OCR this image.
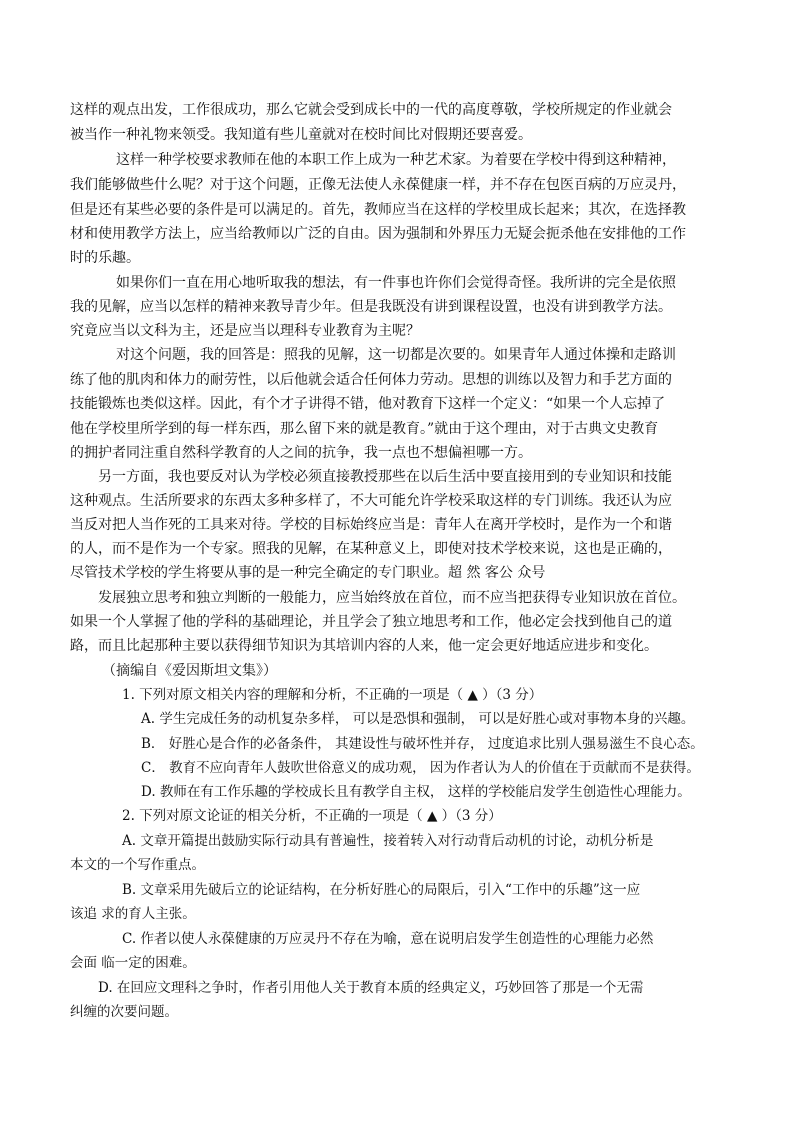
这样的观点出发，工作很成功，那么它就会受到成长中的一代的高度尊敬，学校所规定的作业就会
被当作一种礼物来领受。我知道有些儿童就对在校时间比对假期还要喜爱。
这样一种学校要求教师在他的本职工作上成为一种艺术家。为着要在学校中得到这种精神，
我们能够做些什么呢？对于这个问题，正像无法使人永葆健康一样，并不存在包医百病的万应灵丹，
但是还有某些必要的条件是可以满足的。首先，教师应当在这样的学校里成长起来；其次，在选择教
材和使用教学方法上，应当给教师以广泛的自由。因为强制和外界压力无疑会扼杀他在安排他的工作
时的乐趣。
如果你们一直在用心地听取我的想法，有一件事也许你们会觉得奇怪。我所讲的完全是依照
我的见解，应当以怎样的精神来教导青少年。但是我既没有讲到课程设置，也没有讲到教学方法。
究竟应当以文科为主，还是应当以理科专业教育为主呢？
对这个问题，我的回答是：照我的见解，这一切都是次要的。如果青年人通过体操和走路训
练了他的肌肉和体力的耐劳性，以后他就会适合任何体力劳动。思想的训练以及智力和手艺方面的
技能锻炼也类似这样。因此，有个才子讲得不错，他对教育下这样一个定义：“如果一个人忘掉了
他在学校里所学到的每一样东西，那么留下来的就是教育。”就由于这个理由，对于古典文史教育
的拥护者同注重自然科学教育的人之间的抗争，我一点也不想偏袒哪一方。
另一方面，我也要反对认为学校必须直接教授那些在以后生活中要直接用到的专业知识和技能
这种观点。生活所要求的东西太多种多样了，不大可能允许学校采取这样的专门训练。我还认为应
当反对把人当作死的工具来对待。学校的目标始终应当是：青年人在离开学校时，是作为一个和谐
的人，而不是作为一个专家。照我的见解，在某种意义上，即使对技术学校来说，这也是正确的，
尽管技术学校的学生将要从事的是一种完全确定的专门职业。超 然 客公 众号
发展独立思考和独立判断的一般能力，应当始终放在首位，而不应当把获得专业知识放在首位。
如果一个人掌握了他的学科的基础理论，并且学会了独立地思考和工作，他必定会找到他自己的道
路，而且比起那种主要以获得细节知识为其培训内容的人来，他一定会更好地适应进步和变化。
（摘编自《爱因斯坦文集》）
1. 下列对原文相关内容的理解和分析，不正确的一项是（ ▲ ）（3 分）
A. 学生完成任务的动机复杂多样， 可以是恐惧和强制， 可以是好胜心或对事物本身的兴趣。
B． 好胜心是合作的必备条件， 其建设性与破坏性并存， 过度追求比别人强易滋生不良心态。
C． 教育不应向青年人鼓吹世俗意义的成功观， 因为作者认为人的价值在于贡献而不是获得。
D. 教师在有工作乐趣的学校成长且有教学自主权， 这样的学校能启发学生创造性心理能力。
2. 下列对原文论证的相关分析，不正确的一项是（ ▲ ）（3 分）
A. 文章开篇提出鼓励实际行动具有普遍性，接着转入对行动背后动机的讨论，动机分析是
本文的一个写作重点。
B. 文章采用先破后立的论证结构，在分析好胜心的局限后，引入“工作中的乐趣”这一应
该追 求的育人主张。
C. 作者以使人永葆健康的万应灵丹不存在为喻，意在说明启发学生创造性的心理能力必然
会面 临一定的困难。
D. 在回应文理科之争时，作者引用他人关于教育本质的经典定义，巧妙回答了那是一个无需
纠缠的次要问题。
